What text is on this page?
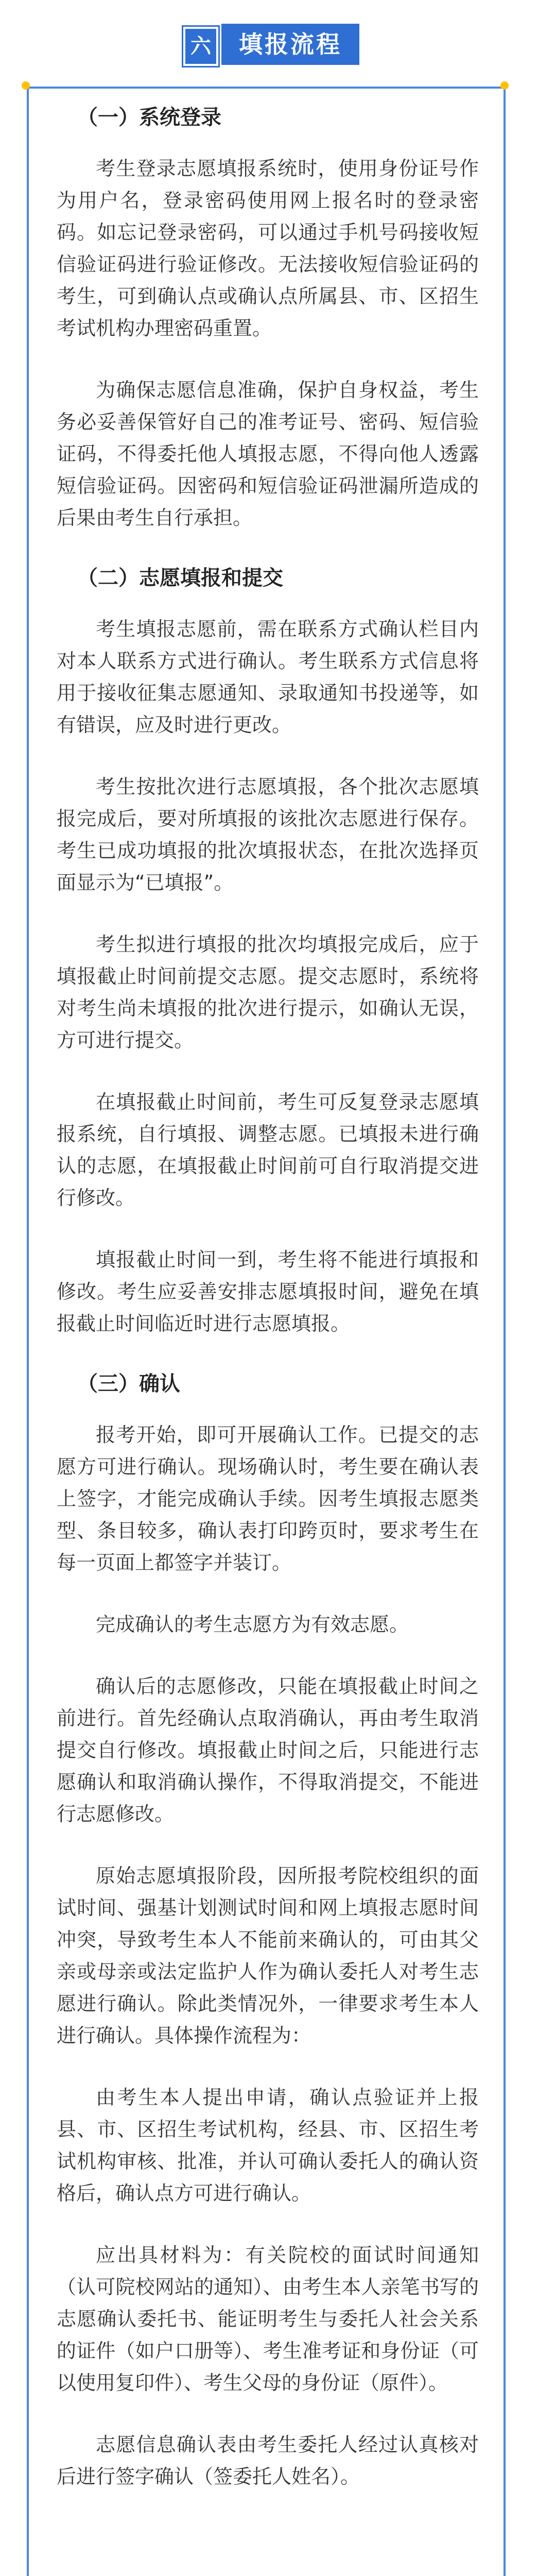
六	填报流程
（一）系统登录

考生登录志愿填报系统时，使用身份证号作为用户名，登录密码使用网上报名时的登录密码。如忘记登录密码，可以通过手机号码接收短信验证码进行验证修改。无法接收短信验证码的考生，可到确认点或确认点所属县、市、区招生考试机构办理密码重置。

为确保志愿信息准确，保护自身权益，考生务必妥善保管好自己的准考证号、密码、短信验证码，不得委托他人填报志愿，不得向他人透露短信验证码。因密码和短信验证码泄漏所造成的后果由考生自行承担。

（二）志愿填报和提交

考生填报志愿前，需在联系方式确认栏目内对本人联系方式进行确认。考生联系方式信息将用于接收征集志愿通知、录取通知书投递等，如有错误，应及时进行更改。

考生按批次进行志愿填报，各个批次志愿填报完成后，要对所填报的该批次志愿进行保存。考生已成功填报的批次填报状态，在批次选择页面显示为“已填报”。

考生拟进行填报的批次均填报完成后，应于填报截止时间前提交志愿。提交志愿时，系统将对考生尚未填报的批次进行提示，如确认无误，方可进行提交。

在填报截止时间前，考生可反复登录志愿填报系统，自行填报、调整志愿。已填报未进行确认的志愿，在填报截止时间前可自行取消提交进行修改。

填报截止时间一到，考生将不能进行填报和修改。考生应妥善安排志愿填报时间，避免在填报截止时间临近时进行志愿填报。

（三）确认

报考开始，即可开展确认工作。已提交的志愿方可进行确认。现场确认时，考生要在确认表上签字，才能完成确认手续。因考生填报志愿类型、条目较多，确认表打印跨页时，要求考生在每一页面上都签字并装订。

完成确认的考生志愿方为有效志愿。

确认后的志愿修改，只能在填报截止时间之前进行。首先经确认点取消确认，再由考生取消提交自行修改。填报截止时间之后，只能进行志愿确认和取消确认操作，不得取消提交，不能进行志愿修改。

原始志愿填报阶段，因所报考院校组织的面试时间、强基计划测试时间和网上填报志愿时间冲突，导致考生本人不能前来确认的，可由其父亲或母亲或法定监护人作为确认委托人对考生志愿进行确认。除此类情况外，一律要求考生本人进行确认。具体操作流程为：

由考生本人提出申请，确认点验证并上报县、市、区招生考试机构，经县、市、区招生考试机构审核、批准，并认可确认委托人的确认资格后，确认点方可进行确认。

应出具材料为：有关院校的面试时间通知（认可院校网站的通知）、由考生本人亲笔书写的志愿确认委托书、能证明考生与委托人社会关系的证件（如户口册等）、考生准考证和身份证（可以使用复印件）、考生父母的身份证（原件）。

志愿信息确认表由考生委托人经过认真核对后进行签字确认（签委托人姓名）。
